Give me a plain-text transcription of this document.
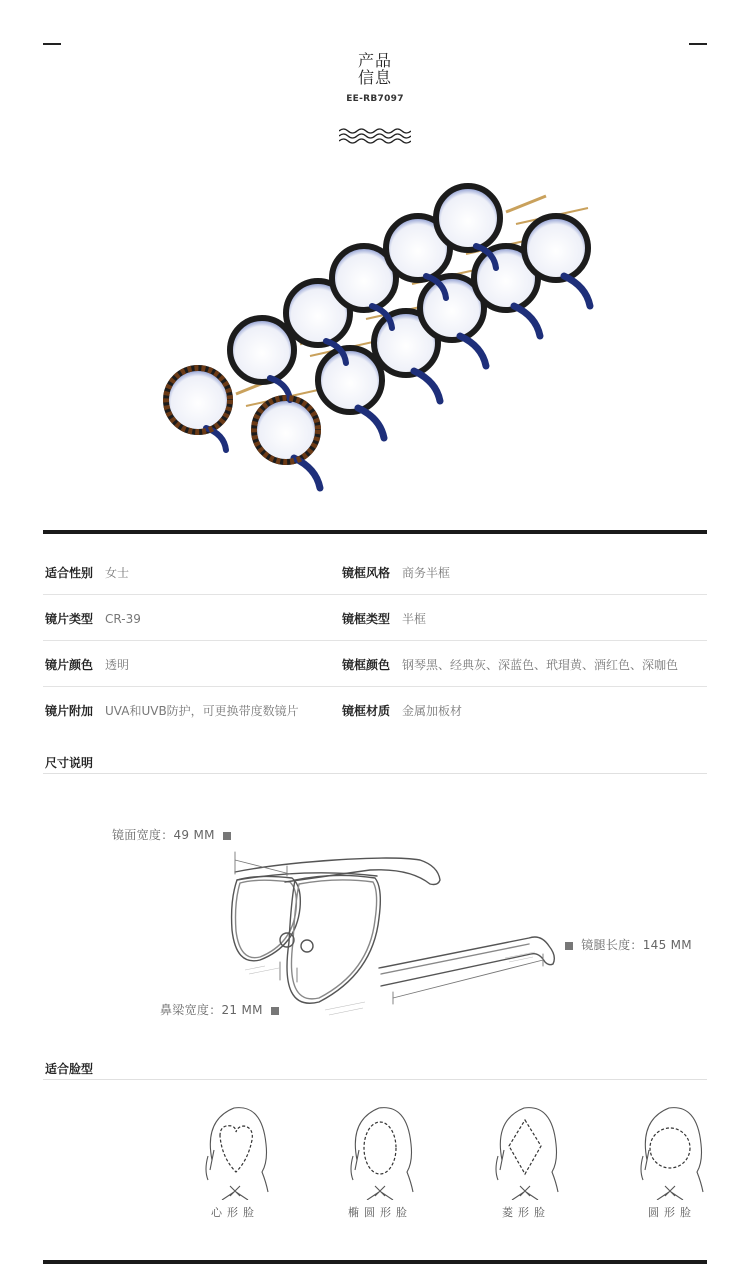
产品
信息
EE-RB7097
适合性别 女士	镜框风格 商务半框
镜片类型 CR-39	镜框类型 半框
镜片颜色 透明	镜框颜色 钢琴黑、经典灰、深蓝色、玳瑁黄、酒红色、深咖色
镜片附加 UVA和UVB防护，可更换带度数镜片	镜框材质 金属加板材
尺寸说明
镜面宽度：49 MM
镜腿长度：145 MM
鼻梁宽度：21 MM
适合脸型
心形脸	椭圆形脸	菱形脸	圆形脸
